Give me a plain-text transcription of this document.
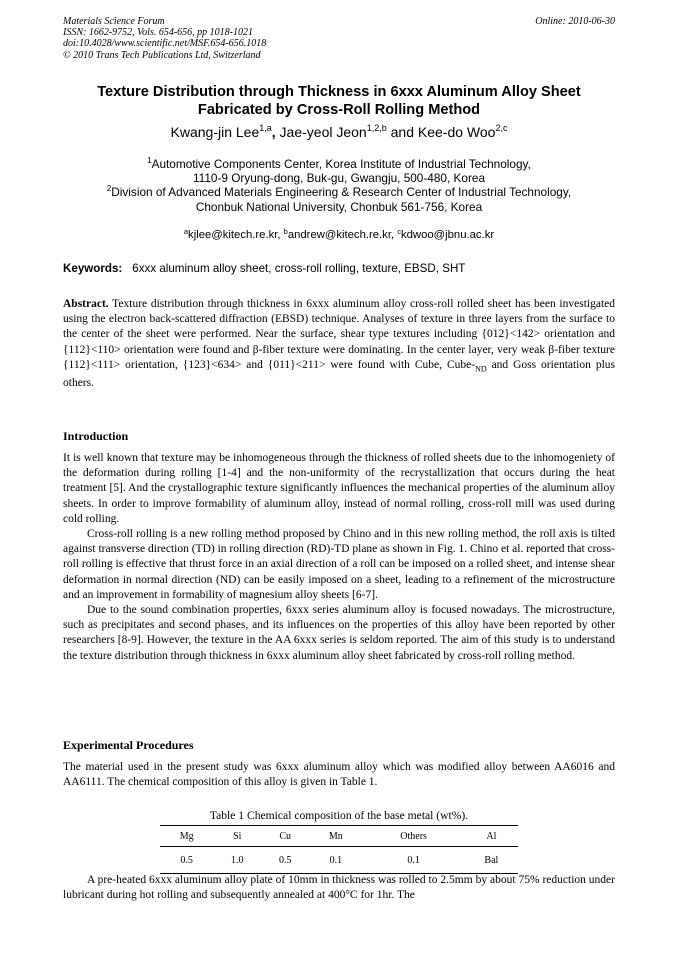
Materials Science Forum
ISSN: 1662-9752, Vols. 654-656, pp 1018-1021
doi:10.4028/www.scientific.net/MSF.654-656.1018
© 2010 Trans Tech Publications Ltd, Switzerland
Online: 2010-06-30
Texture Distribution through Thickness in 6xxx Aluminum Alloy Sheet
Fabricated by Cross-Roll Rolling Method
Kwang-jin Lee$^{1,a}$, Jae-yeol Jeon$^{1,2,b}$ and Kee-do Woo$^{2,c}$
$^1$Automotive Components Center, Korea Institute of Industrial Technology,
1110-9 Oryung-dong, Buk-gu, Gwangju, 500-480, Korea
$^2$Division of Advanced Materials Engineering & Research Center of Industrial Technology,
Chonbuk National University, Chonbuk 561-756, Korea
$^a$kjlee@kitech.re.kr, $^b$andrew@kitech.re.kr, $^c$kdwoo@jbnu.ac.kr
Keywords: 6xxx aluminum alloy sheet, cross-roll rolling, texture, EBSD, SHT

Abstract. Texture distribution through thickness in 6xxx aluminum alloy cross-roll rolled sheet has been investigated using the electron back-scattered diffraction (EBSD) technique. Analyses of texture in three layers from the surface to the center of the sheet were performed. Near the surface, shear type textures including {012}<142> orientation and {112}<110> orientation were found and β-fiber texture were dominating. In the center layer, very weak β-fiber texture {112}<111> orientation, {123}<634> and {011}<211> were found with Cube, Cube-$_{ND}$ and Goss orientation plus others.

Introduction

It is well known that texture may be inhomogeneous through the thickness of rolled sheets due to the inhomogeniety of the deformation during rolling [1-4] and the non-uniformity of the recrystallization that occurs during the heat treatment [5]. And the crystallographic texture significantly influences the mechanical properties of the aluminum alloy sheets. In order to improve formability of aluminum alloy, instead of normal rolling, cross-roll mill was used during cold rolling.

Cross-roll rolling is a new rolling method proposed by Chino and in this new rolling method, the roll axis is tilted against transverse direction (TD) in rolling direction (RD)-TD plane as shown in Fig. 1. Chino et al. reported that cross-roll rolling is effective that thrust force in an axial direction of a roll can be imposed on a rolled sheet, and intense shear deformation in normal direction (ND) can be easily imposed on a sheet, leading to a refinement of the microstructure and an improvement in formability of magnesium alloy sheets [6-7].

Due to the sound combination properties, 6xxx series aluminum alloy is focused nowadays. The microstructure, such as precipitates and second phases, and its influences on the properties of this alloy have been reported by other researchers [8-9]. However, the texture in the AA 6xxx series is seldom reported. The aim of this study is to understand the texture distribution through thickness in 6xxx aluminum alloy sheet fabricated by cross-roll rolling method.

Experimental Procedures

The material used in the present study was 6xxx aluminum alloy which was modified alloy between AA6016 and AA6111. The chemical composition of this alloy is given in Table 1.

Table 1 Chemical composition of the base metal (wt%).
Mg	Si	Cu	Mn	Others	Al
0.5	1.0	0.5	0.1	0.1	Bal

A pre-heated 6xxx aluminum alloy plate of 10mm in thickness was rolled to 2.5mm by about 75% reduction under lubricant during hot rolling and subsequently annealed at 400°C for 1hr. The
